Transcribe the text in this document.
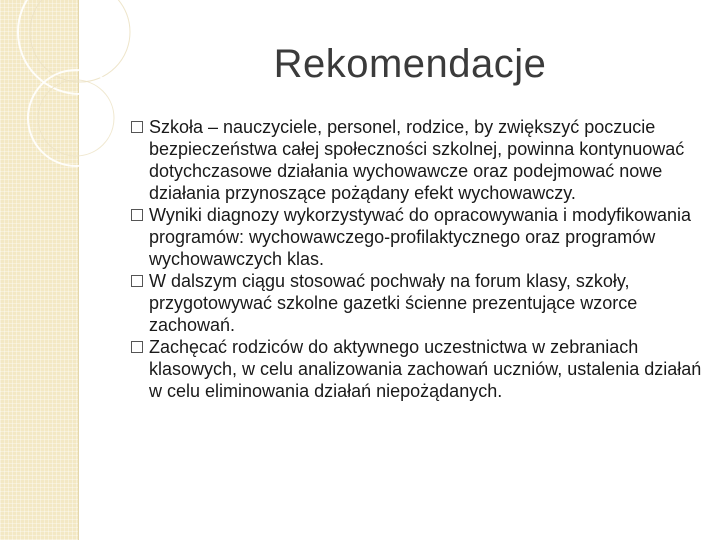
Rekomendacje
Szkoła – nauczyciele, personel, rodzice, by zwiększyć poczucie bezpieczeństwa całej społeczności szkolnej, powinna kontynuować dotychczasowe działania wychowawcze oraz podejmować nowe działania przynoszące pożądany efekt wychowawczy.
Wyniki diagnozy wykorzystywać do opracowywania i modyfikowania programów: wychowawczego-profilaktycznego oraz programów wychowawczych klas.
W dalszym ciągu stosować pochwały na forum klasy, szkoły, przygotowywać szkolne gazetki ścienne prezentujące wzorce zachowań.
Zachęcać rodziców do aktywnego uczestnictwa w zebraniach klasowych, w celu analizowania zachowań uczniów, ustalenia działań w celu eliminowania działań niepożądanych.
